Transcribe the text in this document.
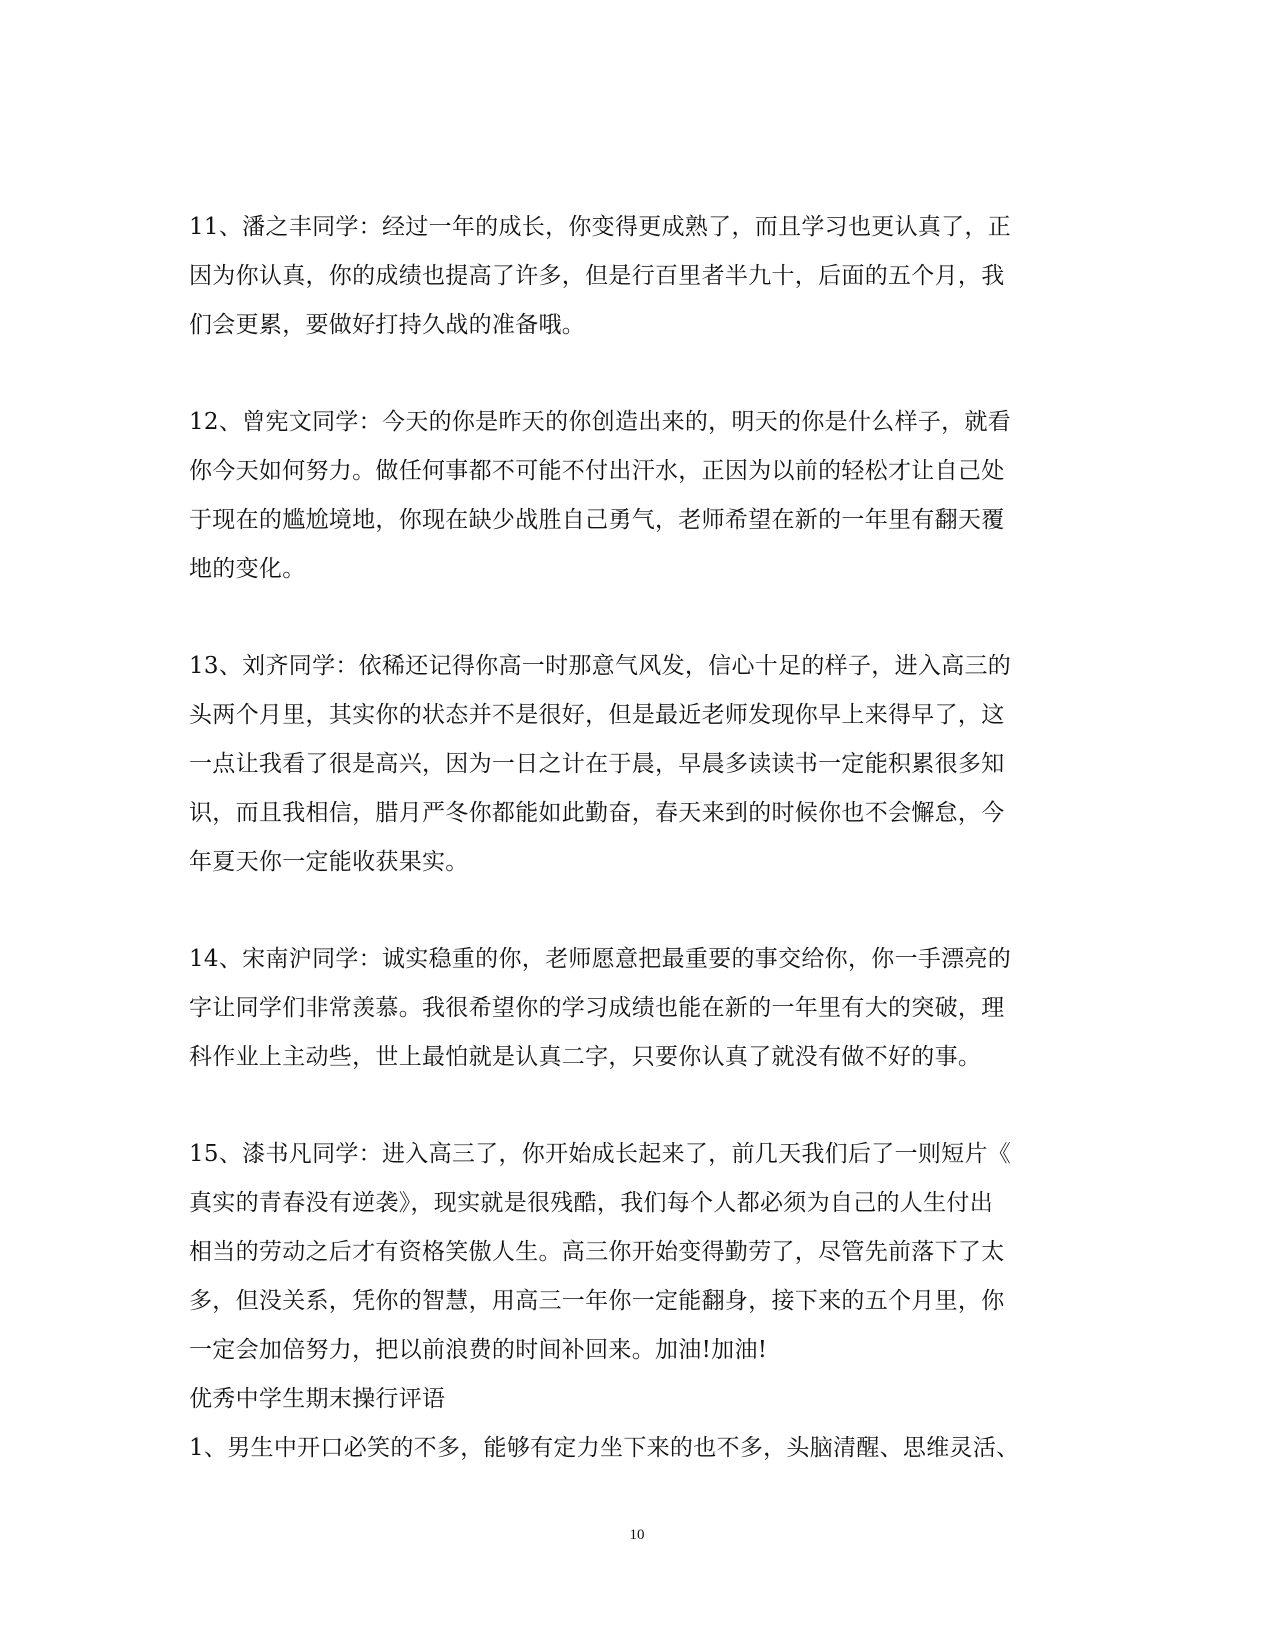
11、潘之丰同学：经过一年的成长，你变得更成熟了，而且学习也更认真了，正
因为你认真，你的成绩也提高了许多，但是行百里者半九十，后面的五个月，我
们会更累，要做好打持久战的准备哦。

12、曾宪文同学：今天的你是昨天的你创造出来的，明天的你是什么样子，就看
你今天如何努力。做任何事都不可能不付出汗水，正因为以前的轻松才让自己处
于现在的尴尬境地，你现在缺少战胜自己勇气，老师希望在新的一年里有翻天覆
地的变化。

13、刘齐同学：依稀还记得你高一时那意气风发，信心十足的样子，进入高三的
头两个月里，其实你的状态并不是很好，但是最近老师发现你早上来得早了，这
一点让我看了很是高兴，因为一日之计在于晨，早晨多读读书一定能积累很多知
识，而且我相信，腊月严冬你都能如此勤奋，春天来到的时候你也不会懈怠，今
年夏天你一定能收获果实。

14、宋南沪同学：诚实稳重的你，老师愿意把最重要的事交给你，你一手漂亮的
字让同学们非常羡慕。我很希望你的学习成绩也能在新的一年里有大的突破，理
科作业上主动些，世上最怕就是认真二字，只要你认真了就没有做不好的事。

15、漆书凡同学：进入高三了，你开始成长起来了，前几天我们后了一则短片《
真实的青春没有逆袭》，现实就是很残酷，我们每个人都必须为自己的人生付出
相当的劳动之后才有资格笑傲人生。高三你开始变得勤劳了，尽管先前落下了太
多，但没关系，凭你的智慧，用高三一年你一定能翻身，接下来的五个月里，你
一定会加倍努力，把以前浪费的时间补回来。加油!加油!

优秀中学生期末操行评语

1、男生中开口必笑的不多，能够有定力坐下来的也不多，头脑清醒、思维灵活、

10
